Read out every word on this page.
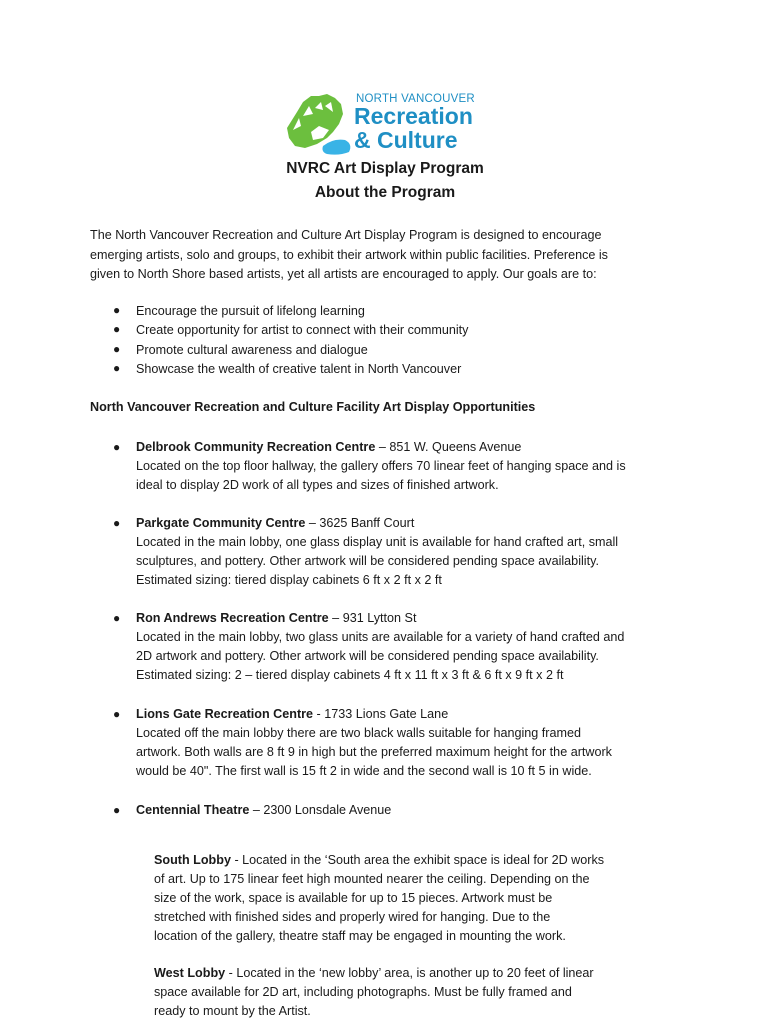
NORTH VANCOUVER
Recreation
& Culture
NVRC Art Display Program
About the Program
The North Vancouver Recreation and Culture Art Display Program is designed to encourage
emerging artists, solo and groups, to exhibit their artwork within public facilities. Preference is
given to North Shore based artists, yet all artists are encouraged to apply. Our goals are to:
● Encourage the pursuit of lifelong learning
● Create opportunity for artist to connect with their community
● Promote cultural awareness and dialogue
● Showcase the wealth of creative talent in North Vancouver
North Vancouver Recreation and Culture Facility Art Display Opportunities
● Delbrook Community Recreation Centre – 851 W. Queens Avenue
Located on the top floor hallway, the gallery offers 70 linear feet of hanging space and is
ideal to display 2D work of all types and sizes of finished artwork.
● Parkgate Community Centre – 3625 Banff Court
Located in the main lobby, one glass display unit is available for hand crafted art, small
sculptures, and pottery. Other artwork will be considered pending space availability.
Estimated sizing: tiered display cabinets 6 ft x 2 ft x 2 ft
● Ron Andrews Recreation Centre – 931 Lytton St
Located in the main lobby, two glass units are available for a variety of hand crafted and
2D artwork and pottery. Other artwork will be considered pending space availability.
Estimated sizing: 2 – tiered display cabinets 4 ft x 11 ft x 3 ft & 6 ft x 9 ft x 2 ft
● Lions Gate Recreation Centre - 1733 Lions Gate Lane
Located off the main lobby there are two black walls suitable for hanging framed
artwork. Both walls are 8 ft 9 in high but the preferred maximum height for the artwork
would be 40". The first wall is 15 ft 2 in wide and the second wall is 10 ft 5 in wide.
● Centennial Theatre – 2300 Lonsdale Avenue
South Lobby - Located in the ‘South area the exhibit space is ideal for 2D works
of art. Up to 175 linear feet high mounted nearer the ceiling. Depending on the
size of the work, space is available for up to 15 pieces. Artwork must be
stretched with finished sides and properly wired for hanging. Due to the
location of the gallery, theatre staff may be engaged in mounting the work.
West Lobby - Located in the ‘new lobby’ area, is another up to 20 feet of linear
space available for 2D art, including photographs. Must be fully framed and
ready to mount by the Artist.
